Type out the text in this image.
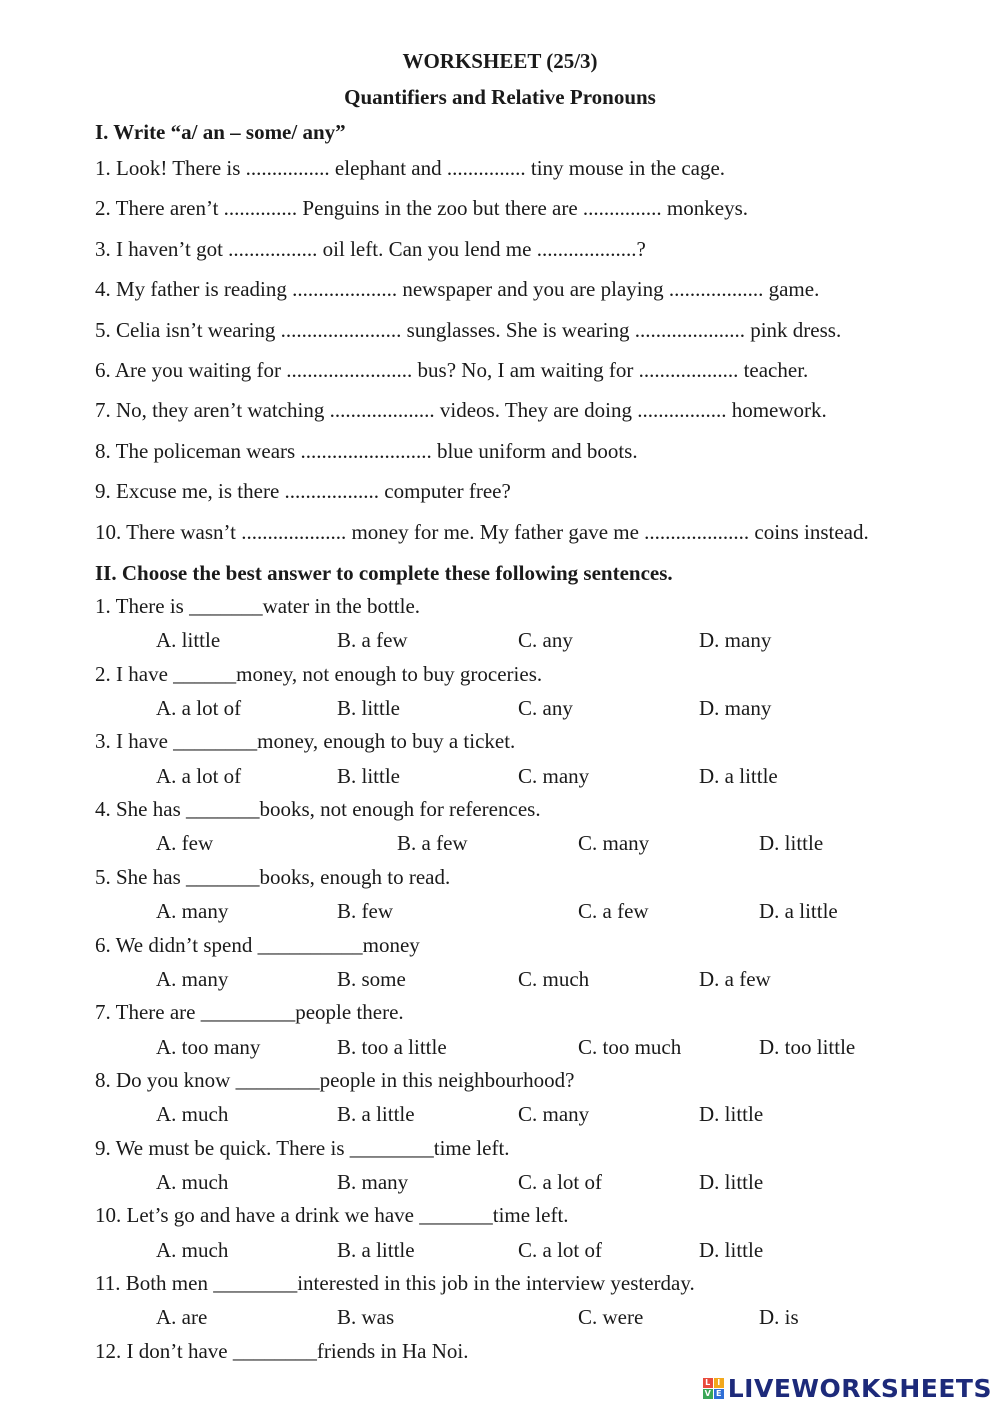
WORKSHEET (25/3)
Quantifiers and Relative Pronouns
I. Write “a/ an – some/ any”
1. Look! There is ................ elephant and ............... tiny mouse in the cage.
2. There aren’t .............. Penguins in the zoo but there are ............... monkeys.
3. I haven’t got ................. oil left. Can you lend me ...................?
4. My father is reading .................... newspaper and you are playing .................. game.
5. Celia isn’t wearing ....................... sunglasses. She is wearing ..................... pink dress.
6. Are you waiting for ........................ bus? No, I am waiting for ................... teacher.
7. No, they aren’t watching .................... videos. They are doing ................. homework.
8. The policeman wears ......................... blue uniform and boots.
9. Excuse me, is there .................. computer free?
10. There wasn’t .................... money for me. My father gave me .................... coins instead.
II. Choose the best answer to complete these following sentences.
1. There is _______water in the bottle.
A. little	B. a few	C. any	D. many
2. I have ______money, not enough to buy groceries.
A. a lot of	B. little	C. any	D. many
3. I have ________money, enough to buy a ticket.
A. a lot of	B. little	C. many	D. a little
4. She has _______books, not enough for references.
A. few	B. a few	C. many	D. little
5. She has _______books, enough to read.
A. many	B. few	C. a few	D. a little
6. We didn’t spend __________money
A. many	B. some	C. much	D. a few
7. There are _________people there.
A. too many	B. too a little	C. too much	D. too little
8. Do you know ________people in this neighbourhood?
A. much	B. a little	C. many	D. little
9. We must be quick. There is ________time left.
A. much	B. many	C. a lot of	D. little
10. Let’s go and have a drink we have _______time left.
A. much	B. a little	C. a lot of	D. little
11. Both men ________interested in this job in the interview yesterday.
A. are	B. was	C. were	D. is
12. I don’t have ________friends in Ha Noi.
L I
V E LIVEWORKSHEETS
